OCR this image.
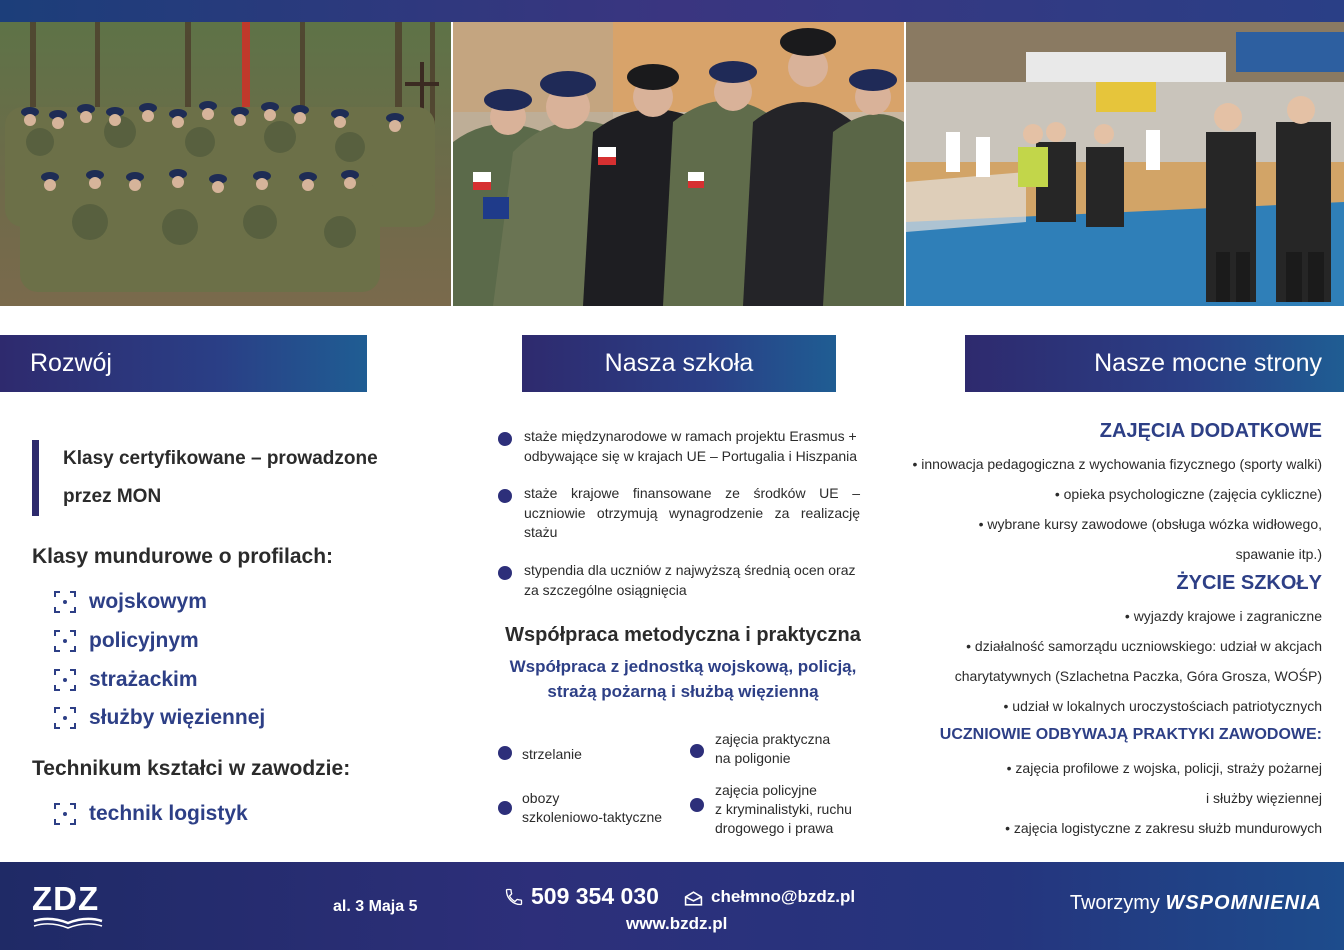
Rozwój	Nasza szkoła	Nasze mocne strony
Klasy certyfikowane – prowadzone
przez MON
Klasy mundurowe o profilach:
wojskowym
policyjnym
strażackim
służby więziennej
Technikum kształci w zawodzie:
technik logistyk
staże międzynarodowe w ramach projektu Erasmus +
odbywające się w krajach UE – Portugalia i Hiszpania
staże krajowe finansowane ze środków UE –
uczniowie otrzymują wynagrodzenie za realizację
stażu
stypendia dla uczniów z najwyższą średnią ocen oraz
za szczególne osiągnięcia
Współpraca metodyczna i praktyczna
Współpraca z jednostką wojskową, policją,
strażą pożarną i służbą więzienną
strzelanie
zajęcia praktyczna
na poligonie
obozy
szkoleniowo-taktyczne
zajęcia policyjne
z kryminalistyki, ruchu
drogowego i prawa
ZAJĘCIA DODATKOWE
• innowacja pedagogiczna z wychowania fizycznego (sporty walki)
• opieka psychologiczne (zajęcia cykliczne)
• wybrane kursy zawodowe (obsługa wózka widłowego,
spawanie itp.)
ŻYCIE SZKOŁY
• wyjazdy krajowe i zagraniczne
• działalność samorządu uczniowskiego: udział w akcjach
charytatywnych (Szlachetna Paczka, Góra Grosza, WOŚP)
• udział w lokalnych uroczystościach patriotycznych
UCZNIOWIE ODBYWAJĄ PRAKTYKI ZAWODOWE:
• zajęcia profilowe z wojska, policji, straży pożarnej
i służby więziennej
• zajęcia logistyczne z zakresu służb mundurowych
ZDZ	al. 3 Maja 5	509 354 030	chełmno@bzdz.pl
www.bzdz.pl
Tworzymy WSPOMNIENIA
